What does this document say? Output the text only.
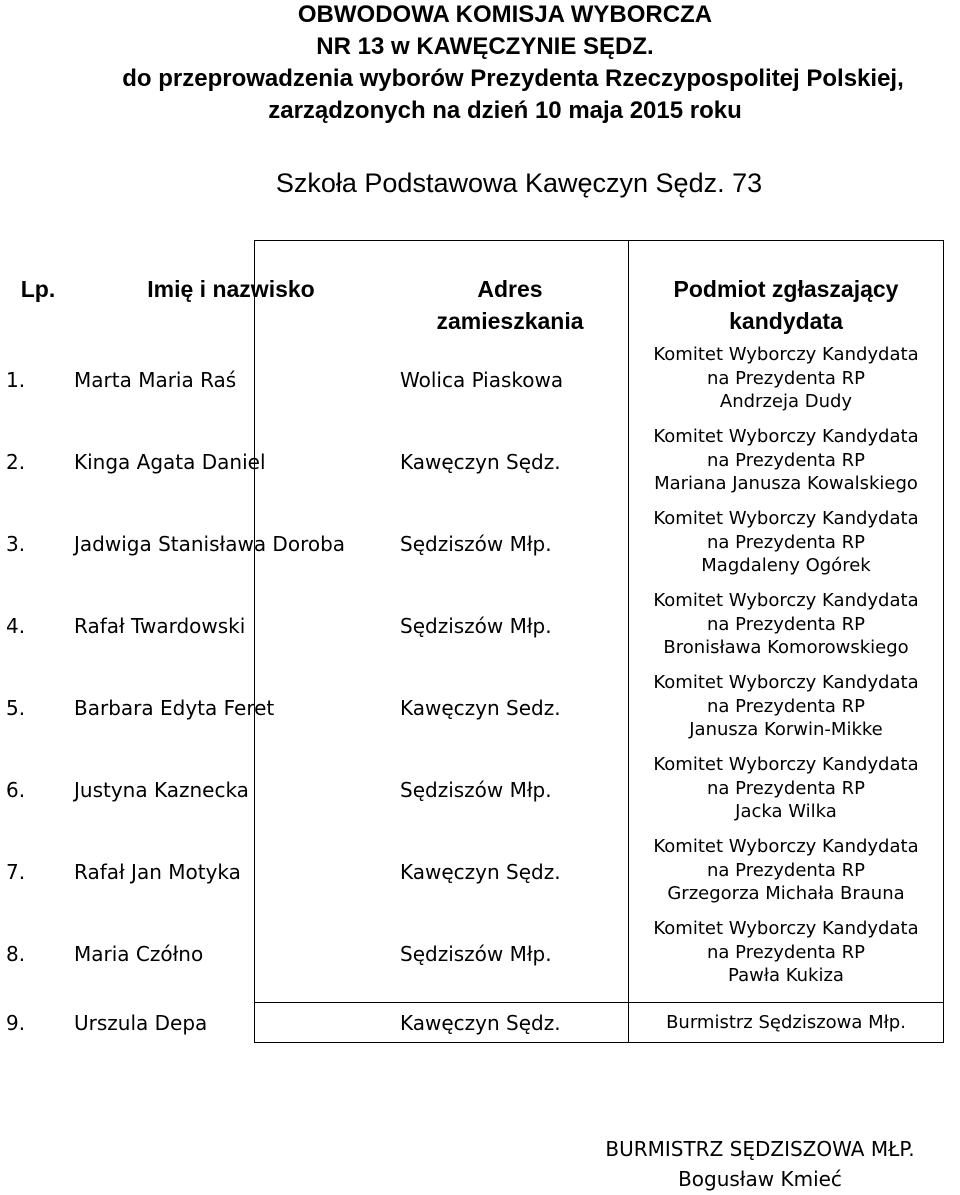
OBWODOWA KOMISJA WYBORCZA
NR 13 w KAWĘCZYNIE SĘDZ.
do przeprowadzenia wyborów Prezydenta Rzeczypospolitej Polskiej,
zarządzonych na dzień 10 maja 2015 roku
Szkoła Podstawowa Kawęczyn Sędz. 73
Lp.	Imię i nazwisko	Adres
zamieszkania
Podmiot zgłaszający
kandydata
1. Marta Maria Raś	Wolica Piaskowa
Komitet Wyborczy Kandydata
na Prezydenta RP
Andrzeja Dudy
2. Kinga Agata Daniel	Kawęczyn Sędz.
Komitet Wyborczy Kandydata
na Prezydenta RP
Mariana Janusza Kowalskiego
3. Jadwiga Stanisława Doroba	Sędziszów Młp.
Komitet Wyborczy Kandydata
na Prezydenta RP
Magdaleny Ogórek
4. Rafał Twardowski	Sędziszów Młp.
Komitet Wyborczy Kandydata
na Prezydenta RP
Bronisława Komorowskiego
5. Barbara Edyta Feret	Kawęczyn Sedz.
Komitet Wyborczy Kandydata
na Prezydenta RP
Janusza Korwin-Mikke
6. Justyna Kaznecka	Sędziszów Młp.
Komitet Wyborczy Kandydata
na Prezydenta RP
Jacka Wilka
7. Rafał Jan Motyka	Kawęczyn Sędz.
Komitet Wyborczy Kandydata
na Prezydenta RP
Grzegorza Michała Brauna
8. Maria Czółno	Sędziszów Młp.
Komitet Wyborczy Kandydata
na Prezydenta RP
Pawła Kukiza
9. Urszula Depa	Kawęczyn Sędz.	Burmistrz Sędziszowa Młp.
BURMISTRZ SĘDZISZOWA MŁP.
Bogusław Kmieć
